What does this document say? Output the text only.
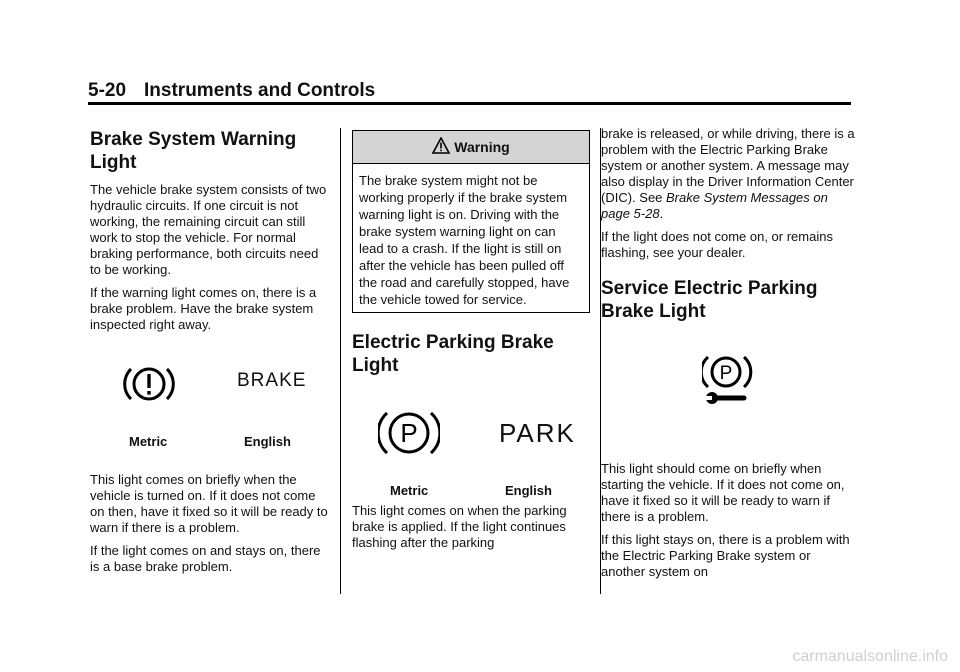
5-20 Instruments and Controls
Brake System Warning Light

The vehicle brake system consists of two hydraulic circuits. If one circuit is not working, the remaining circuit can still work to stop the vehicle. For normal braking performance, both circuits need to be working.

If the warning light comes on, there is a brake problem. Have the brake system inspected right away.

BRAKE
Metric	English

This light comes on briefly when the vehicle is turned on. If it does not come on then, have it fixed so it will be ready to warn if there is a problem.

If the light comes on and stays on, there is a base brake problem.

Warning

The brake system might not be working properly if the brake system warning light is on. Driving with the brake system warning light on can lead to a crash. If the light is still on after the vehicle has been pulled off the road and carefully stopped, have the vehicle towed for service.

Electric Parking Brake Light
P	PARK
Metric	English

This light comes on when the parking brake is applied. If the light continues flashing after the parking

brake is released, or while driving, there is a problem with the Electric Parking Brake system or another system. A message may also display in the Driver Information Center (DIC). See Brake System Messages on page 5-28.

If the light does not come on, or remains flashing, see your dealer.

Service Electric Parking Brake Light
P

This light should come on briefly when starting the vehicle. If it does not come on, have it fixed so it will be ready to warn if there is a problem.

If this light stays on, there is a problem with the Electric Parking Brake system or another system on

carmanualsonline.info
